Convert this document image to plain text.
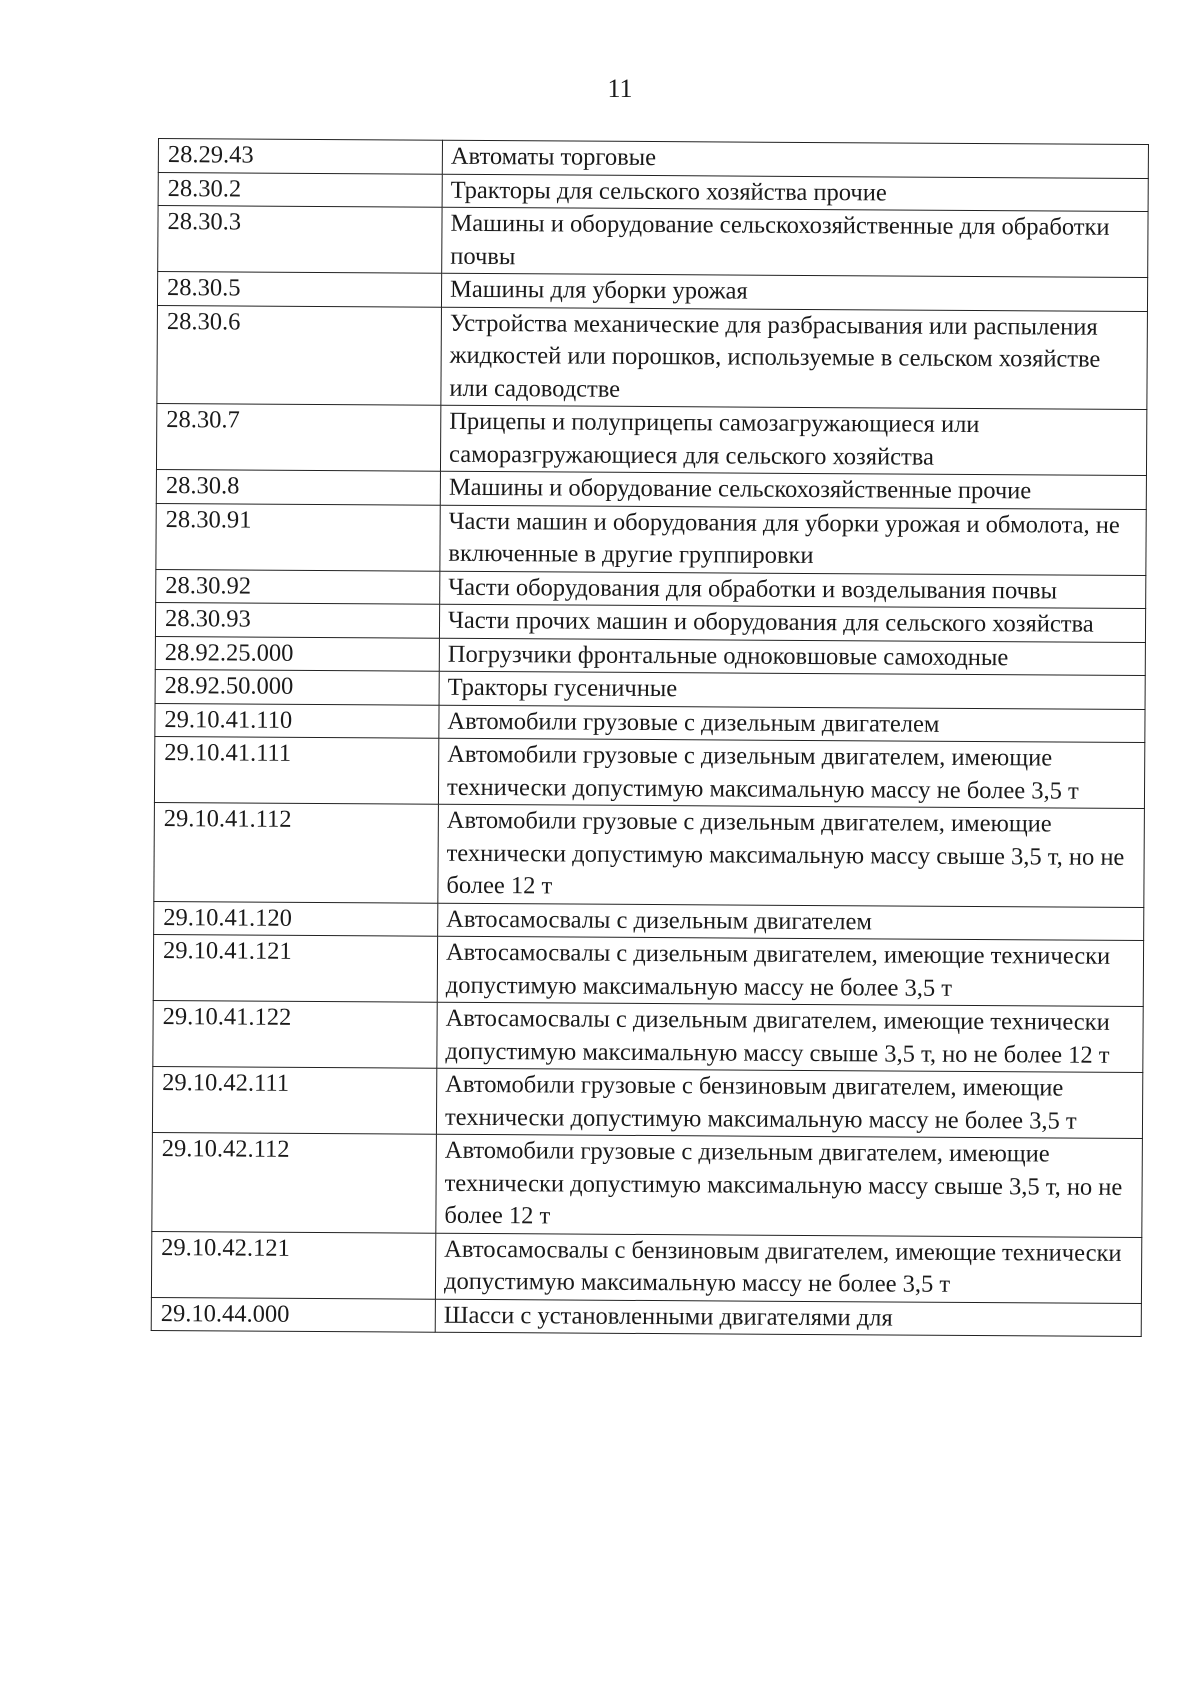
11
28.29.43	Автоматы торговые
28.30.2	Тракторы для сельского хозяйства прочие
28.30.3	Машины и оборудование сельскохозяйственные для обработки почвы
28.30.5	Машины для уборки урожая
28.30.6	Устройства механические для разбрасывания или распыления жидкостей или порошков, используемые в сельском хозяйстве или садоводстве
28.30.7	Прицепы и полуприцепы самозагружающиеся или саморазгружающиеся для сельского хозяйства
28.30.8	Машины и оборудование сельскохозяйственные прочие
28.30.91	Части машин и оборудования для уборки урожая и обмолота, не включенные в другие группировки
28.30.92	Части оборудования для обработки и возделывания почвы
28.30.93	Части прочих машин и оборудования для сельского хозяйства
28.92.25.000	Погрузчики фронтальные одноковшовые самоходные
28.92.50.000	Тракторы гусеничные
29.10.41.110	Автомобили грузовые с дизельным двигателем
29.10.41.111	Автомобили грузовые с дизельным двигателем, имеющие технически допустимую максимальную массу не более 3,5 т
29.10.41.112	Автомобили грузовые с дизельным двигателем, имеющие технически допустимую максимальную массу свыше 3,5 т, но не более 12 т
29.10.41.120	Автосамосвалы с дизельным двигателем
29.10.41.121	Автосамосвалы с дизельным двигателем, имеющие технически допустимую максимальную массу не более 3,5 т
29.10.41.122	Автосамосвалы с дизельным двигателем, имеющие технически допустимую максимальную массу свыше 3,5 т, но не более 12 т
29.10.42.111	Автомобили грузовые с бензиновым двигателем, имеющие технически допустимую максимальную массу не более 3,5 т
29.10.42.112	Автомобили грузовые с дизельным двигателем, имеющие технически допустимую максимальную массу свыше 3,5 т, но не более 12 т
29.10.42.121	Автосамосвалы с бензиновым двигателем, имеющие технически допустимую максимальную массу не более 3,5 т
29.10.44.000	Шасси с установленными двигателями для
